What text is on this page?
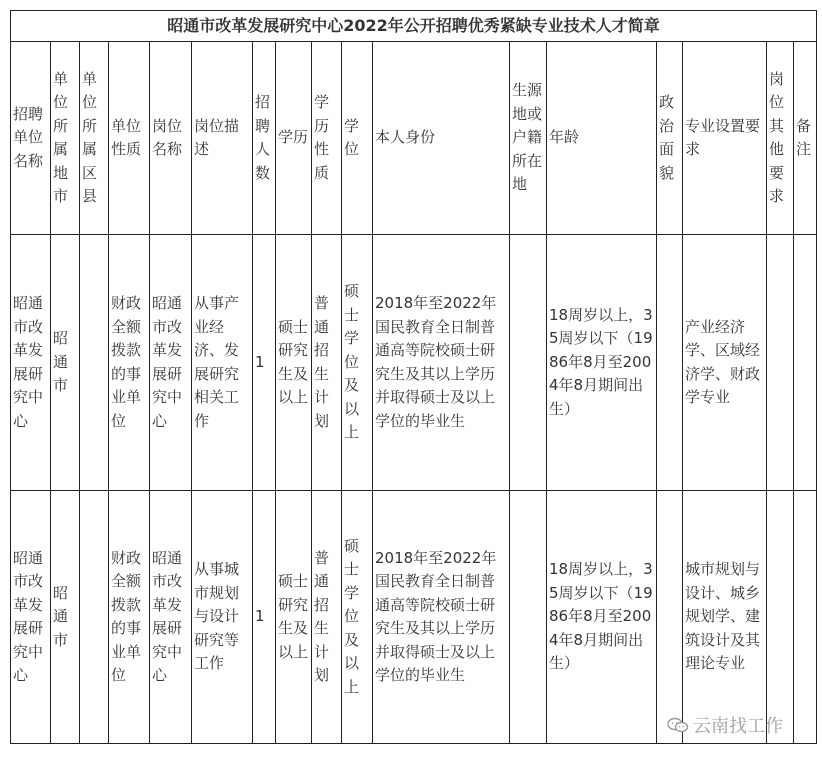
昭通市改革发展研究中心2022年公开招聘优秀紧缺专业技术人才简章																
招聘单位名称	单位所属地市	单位所属区县	单位性质	岗位名称	岗位描述	招聘人数	学历	学历性质	学位	本人身份	生源地或户籍所在地	年龄	政治面貌	专业设置要求	岗位其他要求	备注
昭通市改革发展研究中心	昭通市		财政全额拨款的事业单位	昭通市改革发展研究中心	从事产业经济、发展研究相关工作	1	硕士研究生及以上	普通招生计划	硕士学位及以上	2018年至2022年国民教育全日制普通高等院校硕士研究生及其以上学历并取得硕士及以上学位的毕业生		18周岁以上，35周岁以下（1986年8月至2004年8月期间出生）		产业经济学、区域经济学、财政学专业		
昭通市改革发展研究中心	昭通市		财政全额拨款的事业单位	昭通市改革发展研究中心	从事城市规划与设计研究等工作	1	硕士研究生及以上	普通招生计划	硕士学位及以上	2018年至2022年国民教育全日制普通高等院校硕士研究生及其以上学历并取得硕士及以上学位的毕业生		18周岁以上，35周岁以下（1986年8月至2004年8月期间出生）		城市规划与设计、城乡规划学、建筑设计及其理论专业		
云南找工作
